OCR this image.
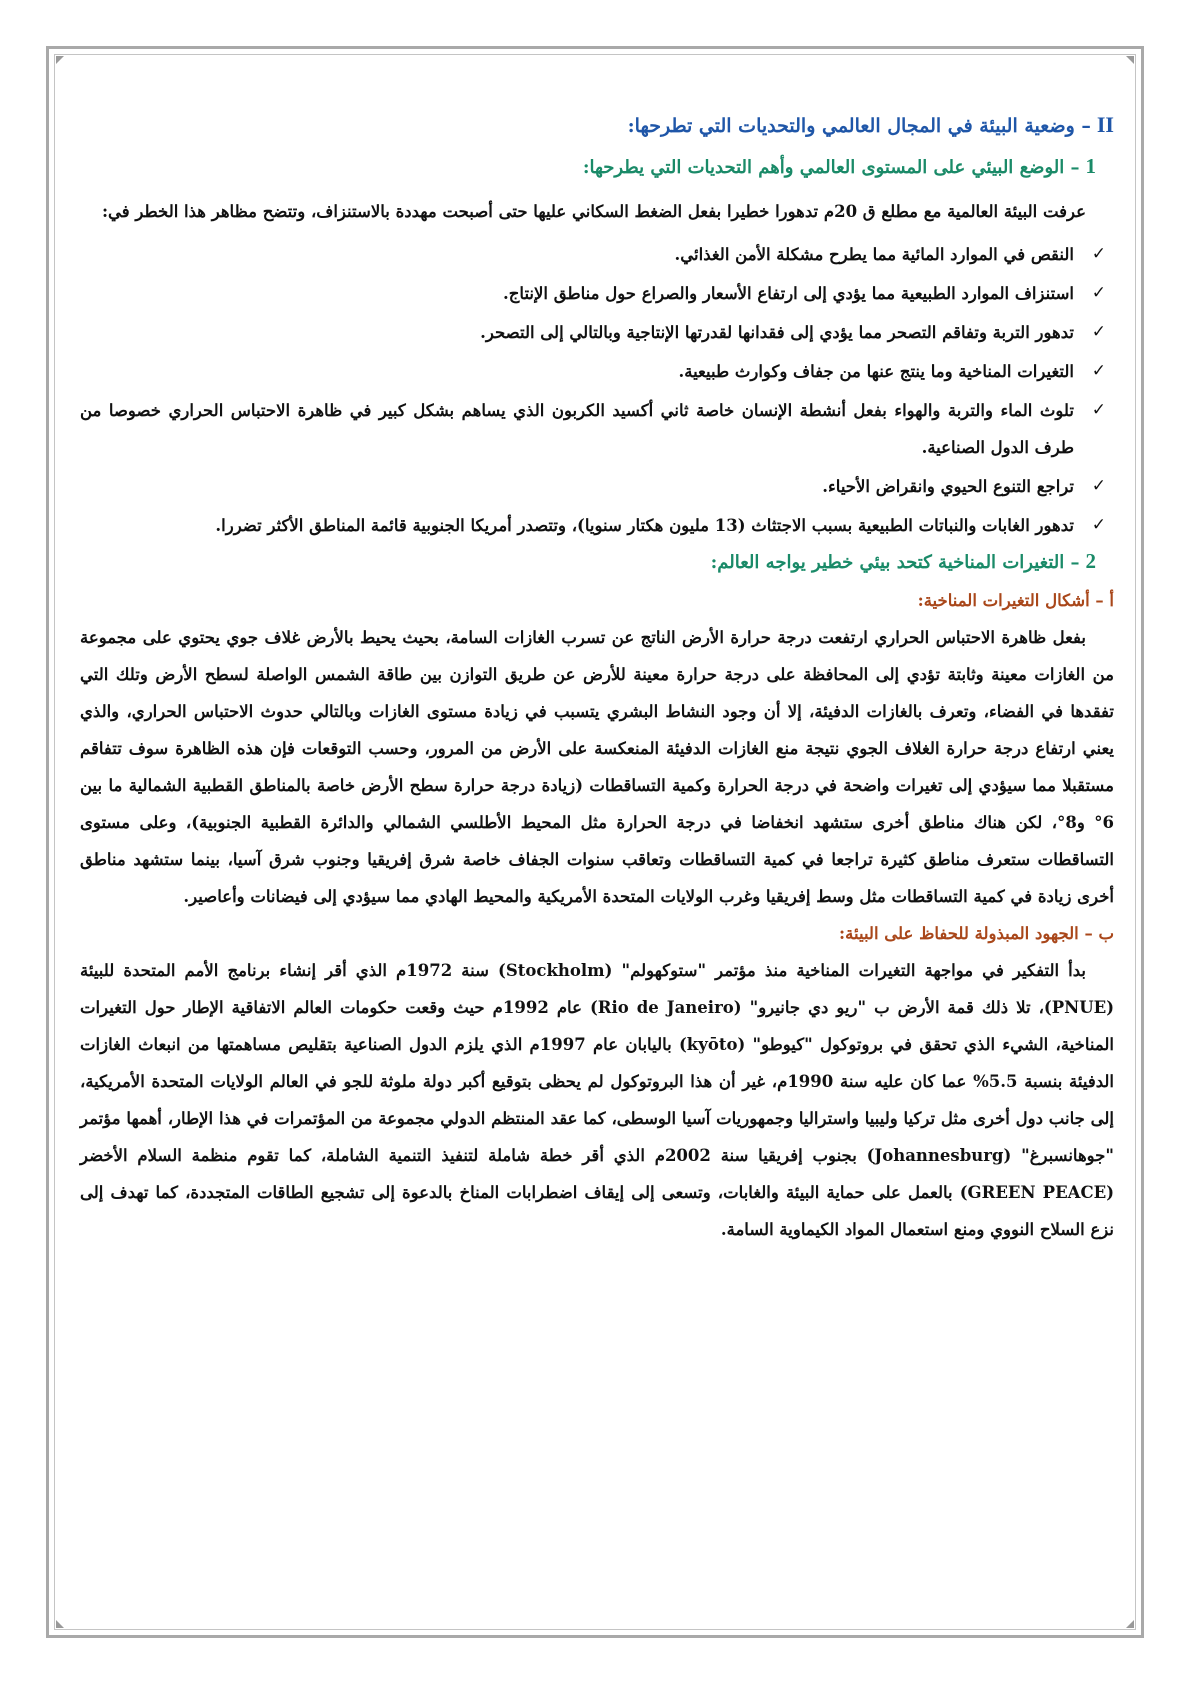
II– وضعية البيئة في المجال العالمي والتحديات التي تطرحها:
1– الوضع البيئي على المستوى العالمي وأهم التحديات التي يطرحها:

عرفت البيئة العالمية مع مطلع ق 20م تدهورا خطيرا بفعل الضغط السكاني عليها حتى أصبحت مهددة بالاستنزاف، وتتضح مظاهر هذا الخطر في:

✓
النقص في الموارد المائية مما يطرح مشكلة الأمن الغذائي.
✓
استنزاف الموارد الطبيعية مما يؤدي إلى ارتفاع الأسعار والصراع حول مناطق الإنتاج.
✓
تدهور التربة وتفاقم التصحر مما يؤدي إلى فقدانها لقدرتها الإنتاجية وبالتالي إلى التصحر.
✓
التغيرات المناخية وما ينتج عنها من جفاف وكوارث طبيعية.
✓
تلوث الماء والتربة والهواء بفعل أنشطة الإنسان خاصة ثاني أكسيد الكربون الذي يساهم بشكل كبير في ظاهرة الاحتباس الحراري خصوصا من طرف الدول الصناعية.
✓
تراجع التنوع الحيوي وانقراض الأحياء.
✓
تدهور الغابات والنباتات الطبيعية بسبب الاجتثاث (13 مليون هكتار سنويا)، وتتصدر أمريكا الجنوبية قائمة المناطق الأكثر تضررا.
2– التغيرات المناخية كتحد بيئي خطير يواجه العالم:
أ – أشكال التغيرات المناخية:

بفعل ظاهرة الاحتباس الحراري ارتفعت درجة حرارة الأرض الناتج عن تسرب الغازات السامة، بحيث يحيط بالأرض غلاف جوي يحتوي على مجموعة من الغازات معينة وثابتة تؤدي إلى المحافظة على درجة حرارة معينة للأرض عن طريق التوازن بين طاقة الشمس الواصلة لسطح الأرض وتلك التي تفقدها في الفضاء، وتعرف بالغازات الدفيئة، إلا أن وجود النشاط البشري يتسبب في زيادة مستوى الغازات وبالتالي حدوث الاحتباس الحراري، والذي يعني ارتفاع درجة حرارة الغلاف الجوي نتيجة منع الغازات الدفيئة المنعكسة على الأرض من المرور، وحسب التوقعات فإن هذه الظاهرة سوف تتفاقم مستقبلا مما سيؤدي إلى تغيرات واضحة في درجة الحرارة وكمية التساقطات (زيادة درجة حرارة سطح الأرض خاصة بالمناطق القطبية الشمالية ما بين 6° و8°، لكن هناك مناطق أخرى ستشهد انخفاضا في درجة الحرارة مثل المحيط الأطلسي الشمالي والدائرة القطبية الجنوبية)، وعلى مستوى التساقطات ستعرف مناطق كثيرة تراجعا في كمية التساقطات وتعاقب سنوات الجفاف خاصة شرق إفريقيا وجنوب شرق آسيا، بينما ستشهد مناطق أخرى زيادة في كمية التساقطات مثل وسط إفريقيا وغرب الولايات المتحدة الأمريكية والمحيط الهادي مما سيؤدي إلى فيضانات وأعاصير.

ب – الجهود المبذولة للحفاظ على البيئة:

بدأ التفكير في مواجهة التغيرات المناخية منذ مؤتمر "ستوكهولم" (Stockholm) سنة 1972م الذي أقر إنشاء برنامج الأمم المتحدة للبيئة (PNUE)، تلا ذلك قمة الأرض ب "ريو دي جانيرو" (Rio de Janeiro) عام 1992م حيث وقعت حكومات العالم الاتفاقية الإطار حول التغيرات المناخية، الشيء الذي تحقق في بروتوكول "كيوطو" (kyōto) باليابان عام 1997م الذي يلزم الدول الصناعية بتقليص مساهمتها من انبعاث الغازات الدفيئة بنسبة 5.5% عما كان عليه سنة 1990م، غير أن هذا البروتوكول لم يحظى بتوقيع أكبر دولة ملوثة للجو في العالم الولايات المتحدة الأمريكية، إلى جانب دول أخرى مثل تركيا وليبيا واستراليا وجمهوريات آسيا الوسطى، كما عقد المنتظم الدولي مجموعة من المؤتمرات في هذا الإطار، أهمها مؤتمر "جوهانسبرغ" (Johannesburg) بجنوب إفريقيا سنة 2002م الذي أقر خطة شاملة لتنفيذ التنمية الشاملة، كما تقوم منظمة السلام الأخضر (GREEN PEACE) بالعمل على حماية البيئة والغابات، وتسعى إلى إيقاف اضطرابات المناخ بالدعوة إلى تشجيع الطاقات المتجددة، كما تهدف إلى نزع السلاح النووي ومنع استعمال المواد الكيماوية السامة.
